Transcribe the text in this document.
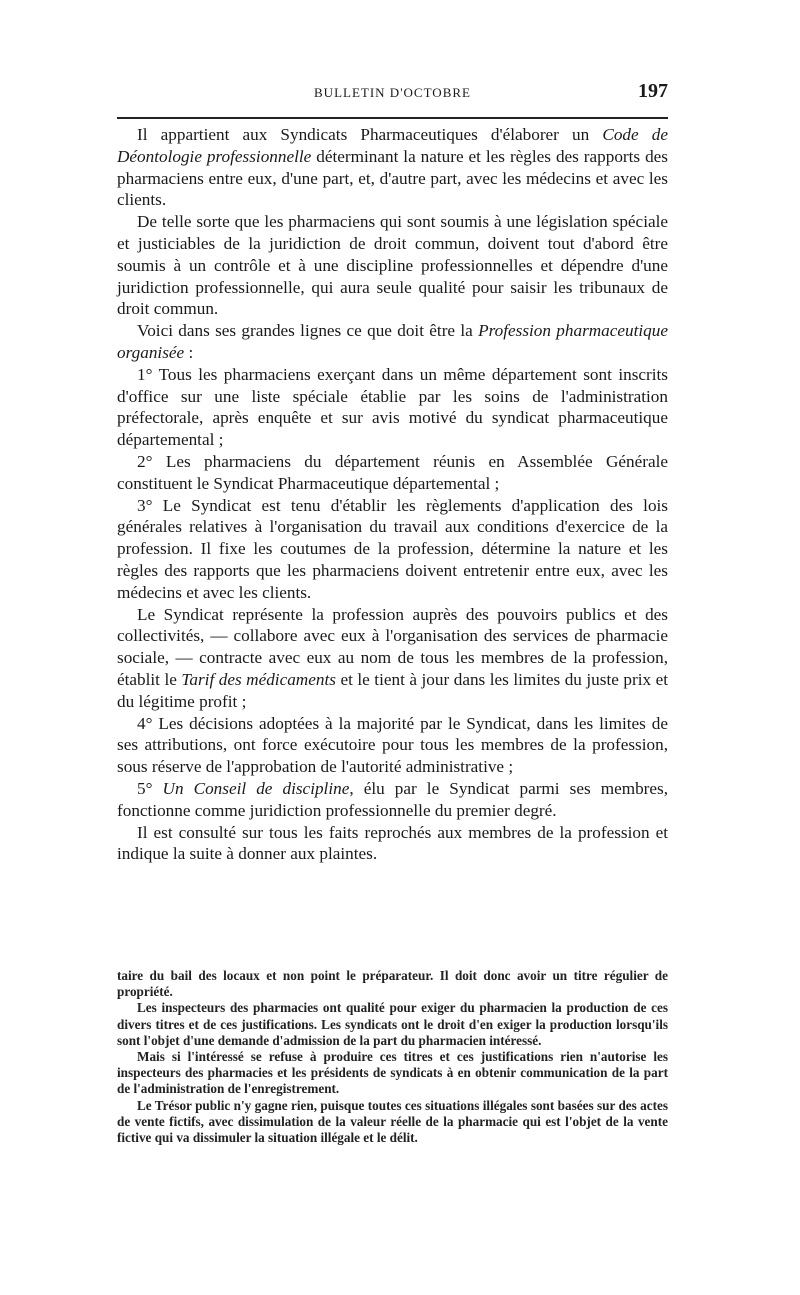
BULLETIN D'OCTOBRE	197

Il appartient aux Syndicats Pharmaceutiques d'élaborer un Code de Déontologie professionnelle déterminant la nature et les règles des rapports des pharmaciens entre eux, d'une part, et, d'autre part, avec les médecins et avec les clients.

De telle sorte que les pharmaciens qui sont soumis à une législation spéciale et justiciables de la juridiction de droit commun, doivent tout d'abord être soumis à un contrôle et à une discipline professionnelles et dépendre d'une juridiction professionnelle, qui aura seule qualité pour saisir les tribunaux de droit commun.

Voici dans ses grandes lignes ce que doit être la Profession pharmaceutique organisée :

1° Tous les pharmaciens exerçant dans un même département sont inscrits d'office sur une liste spéciale établie par les soins de l'administration préfectorale, après enquête et sur avis motivé du syndicat pharmaceutique départemental ;

2° Les pharmaciens du département réunis en Assemblée Générale constituent le Syndicat Pharmaceutique départemental ;

3° Le Syndicat est tenu d'établir les règlements d'application des lois générales relatives à l'organisation du travail aux conditions d'exercice de la profession. Il fixe les coutumes de la profession, détermine la nature et les règles des rapports que les pharmaciens doivent entretenir entre eux, avec les médecins et avec les clients.

Le Syndicat représente la profession auprès des pouvoirs publics et des collectivités, — collabore avec eux à l'organisation des services de pharmacie sociale, — contracte avec eux au nom de tous les membres de la profession, établit le Tarif des médicaments et le tient à jour dans les limites du juste prix et du légitime profit ;

4° Les décisions adoptées à la majorité par le Syndicat, dans les limites de ses attributions, ont force exécutoire pour tous les membres de la profession, sous réserve de l'approbation de l'autorité administrative ;

5° Un Conseil de discipline, élu par le Syndicat parmi ses membres, fonctionne comme juridiction professionnelle du premier degré.

Il est consulté sur tous les faits reprochés aux membres de la profession et indique la suite à donner aux plaintes.

taire du bail des locaux et non point le préparateur. Il doit donc avoir un titre régulier de propriété.

Les inspecteurs des pharmacies ont qualité pour exiger du pharmacien la production de ces divers titres et de ces justifications. Les syndicats ont le droit d'en exiger la production lorsqu'ils sont l'objet d'une demande d'admission de la part du pharmacien intéressé.

Mais si l'intéressé se refuse à produire ces titres et ces justifications rien n'autorise les inspecteurs des pharmacies et les présidents de syndicats à en obtenir communication de la part de l'administration de l'enregistrement.

Le Trésor public n'y gagne rien, puisque toutes ces situations illégales sont basées sur des actes de vente fictifs, avec dissimulation de la valeur réelle de la pharmacie qui est l'objet de la vente fictive qui va dissimuler la situation illégale et le délit.
